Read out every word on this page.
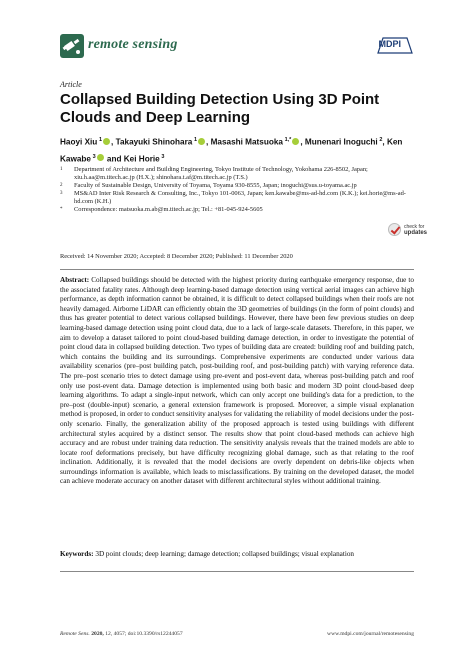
remote sensing	MDPI
Article
Collapsed Building Detection Using 3D Point Clouds and Deep Learning
Haoyi Xiu  $^1$ , Takayuki Shinohara  $^1$ , Masashi Matsuoka  $^{1,*}$ , Munenari Inoguchi  $^2$, Ken Kawabe  $^3$ and Kei Horie  $^3$
1 Department of Architecture and Building Engineering, Tokyo Institute of Technology, Yokohama 226-8502, Japan; xiu.h.aa@m.titech.ac.jp (H.X.); shinohara.t.af@m.titech.ac.jp (T.S.)
2 Faculty of Sustainable Design, University of Toyama, Toyama 930-8555, Japan; inoguchi@sus.u-toyama.ac.jp
3 MS&AD Inter Risk Research & Consulting, Inc., Tokyo 101-0063, Japan; ken.kawabe@ms-ad-hd.com (K.K.); kei.horie@ms-ad-hd.com (K.H.)
* Correspondence: matsuoka.m.ab@m.titech.ac.jp; Tel.: +81-045-924-5605
check for
updates
Received: 14 November 2020; Accepted: 8 December 2020; Published: 11 December 2020

Abstract: Collapsed buildings should be detected with the highest priority during earthquake emergency response, due to the associated fatality rates. Although deep learning-based damage detection using vertical aerial images can achieve high performance, as depth information cannot be obtained, it is difficult to detect collapsed buildings when their roofs are not heavily damaged. Airborne LiDAR can efficiently obtain the 3D geometries of buildings (in the form of point clouds) and thus has greater potential to detect various collapsed buildings. However, there have been few previous studies on deep learning-based damage detection using point cloud data, due to a lack of large-scale datasets. Therefore, in this paper, we aim to develop a dataset tailored to point cloud-based building damage detection, in order to investigate the potential of point cloud data in collapsed building detection. Two types of building data are created: building roof and building patch, which contains the building and its surroundings. Comprehensive experiments are conducted under various data availability scenarios (pre–post building patch, post-building roof, and post-building patch) with varying reference data. The pre–post scenario tries to detect damage using pre-event and post-event data, whereas post-building patch and roof only use post-event data. Damage detection is implemented using both basic and modern 3D point cloud-based deep learning algorithms. To adapt a single-input network, which can only accept one building's data for a prediction, to the pre–post (double-input) scenario, a general extension framework is proposed. Moreover, a simple visual explanation method is proposed, in order to conduct sensitivity analyses for validating the reliability of model decisions under the post-only scenario. Finally, the generalization ability of the proposed approach is tested using buildings with different architectural styles acquired by a distinct sensor. The results show that point cloud-based methods can achieve high accuracy and are robust under training data reduction. The sensitivity analysis reveals that the trained models are able to locate roof deformations precisely, but have difficulty recognizing global damage, such as that relating to the roof inclination. Additionally, it is revealed that the model decisions are overly dependent on debris-like objects when surroundings information is available, which leads to misclassifications. By training on the developed dataset, the model can achieve moderate accuracy on another dataset with different architectural styles without additional training.

Keywords: 3D point clouds; deep learning; damage detection; collapsed buildings; visual explanation

Remote Sens. 2020, 12, 4057; doi:10.3390/rs12244057	www.mdpi.com/journal/remotesensing
